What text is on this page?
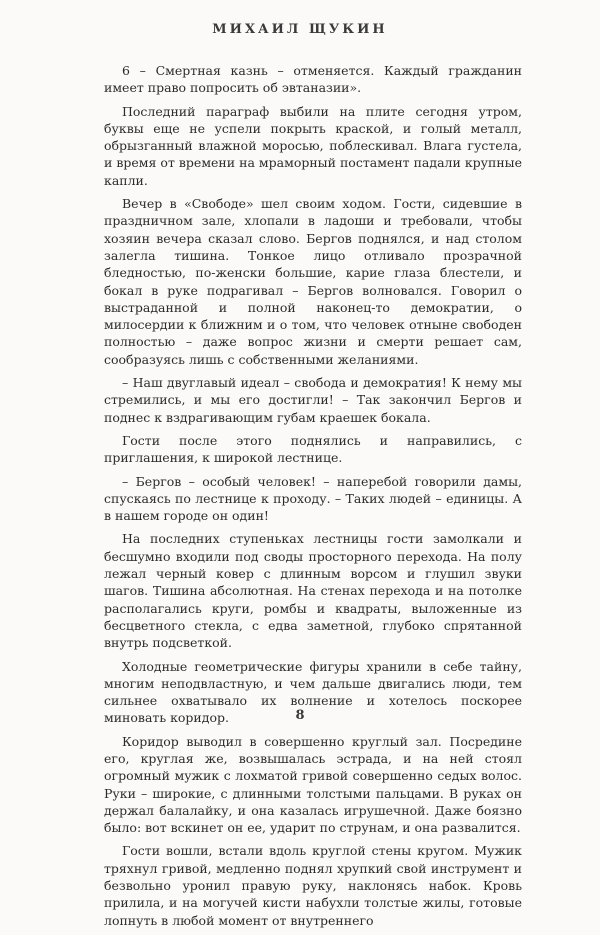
МИХАИЛ ЩУКИН

6 – Смертная казнь – отменяется. Каждый гражданин имеет право попросить об эвтаназии».

Последний параграф выбили на плите сегодня утром, буквы еще не успели покрыть краской, и голый металл, обрызганный влажной моросью, поблескивал. Влага густела, и время от времени на мраморный постамент падали крупные капли.

Вечер в «Свободе» шел своим ходом. Гости, сидевшие в праздничном зале, хлопали в ладоши и требовали, чтобы хозяин вечера сказал слово. Бергов поднялся, и над столом залегла тишина. Тонкое лицо отливало прозрачной бледностью, по-женски большие, карие глаза блестели, и бокал в руке подрагивал – Бергов волновался. Говорил о выстраданной и полной наконец-то демократии, о милосердии к ближним и о том, что человек отныне свободен полностью – даже вопрос жизни и смерти решает сам, сообразуясь лишь с собственными желаниями.

– Наш двуглавый идеал – свобода и демократия! К нему мы стремились, и мы его достигли! – Так закончил Бергов и поднес к вздрагивающим губам краешек бокала.

Гости после этого поднялись и направились, с приглашения, к широкой лестнице.

– Бергов – особый человек! – наперебой говорили дамы, спускаясь по лестнице к проходу. – Таких людей – единицы. А в нашем городе он один!

На последних ступеньках лестницы гости замолкали и бесшумно входили под своды просторного перехода. На полу лежал черный ковер с длинным ворсом и глушил звуки шагов. Тишина абсолютная. На стенах перехода и на потолке располагались круги, ромбы и квадраты, выложенные из бесцветного стекла, с едва заметной, глубоко спрятанной внутрь подсветкой.

Холодные геометрические фигуры хранили в себе тайну, многим неподвластную, и чем дальше двигались люди, тем сильнее охватывало их волнение и хотелось поскорее миновать коридор.

Коридор выводил в совершенно круглый зал. Посредине его, круглая же, возвышалась эстрада, и на ней стоял огромный мужик с лохматой гривой совершенно седых волос. Руки – широкие, с длинными толстыми пальцами. В руках он держал балалайку, и она казалась игрушечной. Даже боязно было: вот вскинет он ее, ударит по струнам, и она развалится.

Гости вошли, встали вдоль круглой стены кругом. Мужик тряхнул гривой, медленно поднял хрупкий свой инструмент и безвольно уронил правую руку, наклонясь набок. Кровь прилила, и на могучей кисти набухли толстые жилы, готовые лопнуть в любой момент от внутреннего

8
